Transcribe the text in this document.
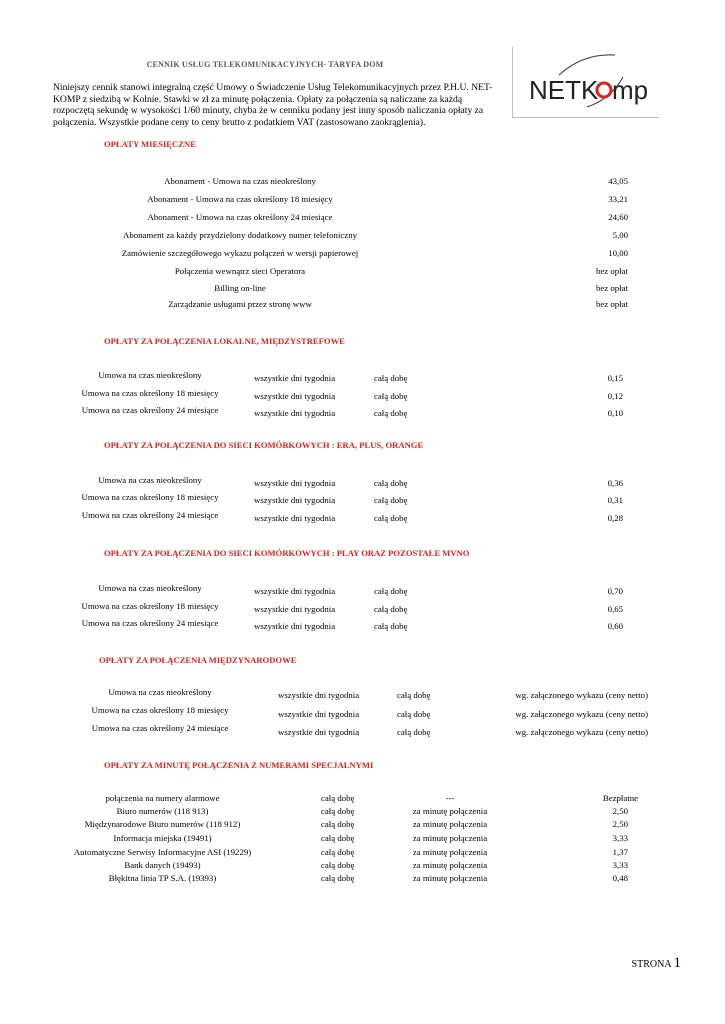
CENNIK USŁUG TELEKOMUNIKACYJNYCH- TARYFA DOM
Niniejszy cennik stanowi integralną część Umowy o Świadczenie Usług Telekomunikacyjnych przez P.H.U. NET-KOMP z siedzibą w Kolnie. Stawki w zł za minutę połączenia. Opłaty za połączenia są naliczane za każdą rozpoczętą sekundę w wysokości 1/60 minuty, chyba że w cenniku podany jest inny sposób naliczania opłaty za połączenia. Wszystkie podane ceny to ceny brutto z podatkiem VAT (zastosowano zaokrąglenia).
NETK mp
OPŁATY MIESIĘCZNE
Abonament - Umowa na czas nieokreślony	43,05
Abonament - Umowa na czas określony 18 miesięcy	33,21
Abonament - Umowa na czas określony 24 miesiące	24,60
Abonament za każdy przydzielony dodatkowy numer telefoniczny	5,00
Zamówienie szczegółowego wykazu połączeń w wersji papierowej	10,00
Połączenia wewnątrz sieci Operatora	bez opłat
Billing on-line	bez opłat
Zarządzanie usługami przez stronę www	bez opłat
OPŁATY ZA POŁĄCZENIA LOKALNE, MIĘDZYSTREFOWE
Umowa na czas nieokreślony	wszystkie dni tygodnia	całą dobę	0,15
Umowa na czas określony 18 miesięcy	wszystkie dni tygodnia	całą dobę	0,12
Umowa na czas określony 24 miesiące	wszystkie dni tygodnia	całą dobę	0,10
OPŁATY ZA POŁĄCZENIA DO SIECI KOMÓRKOWYCH : ERA, PLUS, ORANGE
Umowa na czas nieokreślony	wszystkie dni tygodnia	całą dobę	0,36
Umowa na czas określony 18 miesięcy	wszystkie dni tygodnia	całą dobę	0,31
Umowa na czas określony 24 miesiące	wszystkie dni tygodnia	całą dobę	0,28
OPŁATY ZA POŁĄCZENIA DO SIECI KOMÓRKOWYCH : PLAY ORAZ POZOSTAŁE MVNO
Umowa na czas nieokreślony	wszystkie dni tygodnia	całą dobę	0,70
Umowa na czas określony 18 miesięcy	wszystkie dni tygodnia	całą dobę	0,65
Umowa na czas określony 24 miesiące	wszystkie dni tygodnia	całą dobę	0,60
OPŁATY ZA POŁĄCZENIA MIĘDZYNARODOWE
Umowa na czas nieokreślony	wszystkie dni tygodnia	całą dobę	wg. załączonego wykazu (ceny netto)
Umowa na czas określony 18 miesięcy	wszystkie dni tygodnia	całą dobę	wg. załączonego wykazu (ceny netto)
Umowa na czas określony 24 miesiące	wszystkie dni tygodnia	całą dobę	wg. załączonego wykazu (ceny netto)
OPŁATY ZA MINUTĘ POŁĄCZENIA Z NUMERAMI SPECJALNYMI
połączenia na numery alarmowe	całą dobę	---	Bezpłatne
Biuro numerów (118 913)	całą dobę	za minutę połączenia	2,50
Międzynarodowe Biuro numerów (118 912)	całą dobę	za minutę połączenia	2,50
Informacja miejska (19491)	całą dobę	za minutę połączenia	3,33
Automatyczne Serwisy Informacyjne ASI (19229)	całą dobę	za minutę połączenia	1,37
Bank danych (19493)	całą dobę	za minutę połączenia	3,33
Błękitna linia TP S.A. (19393)	całą dobę	za minutę połączenia	0,48
STRONA 1
